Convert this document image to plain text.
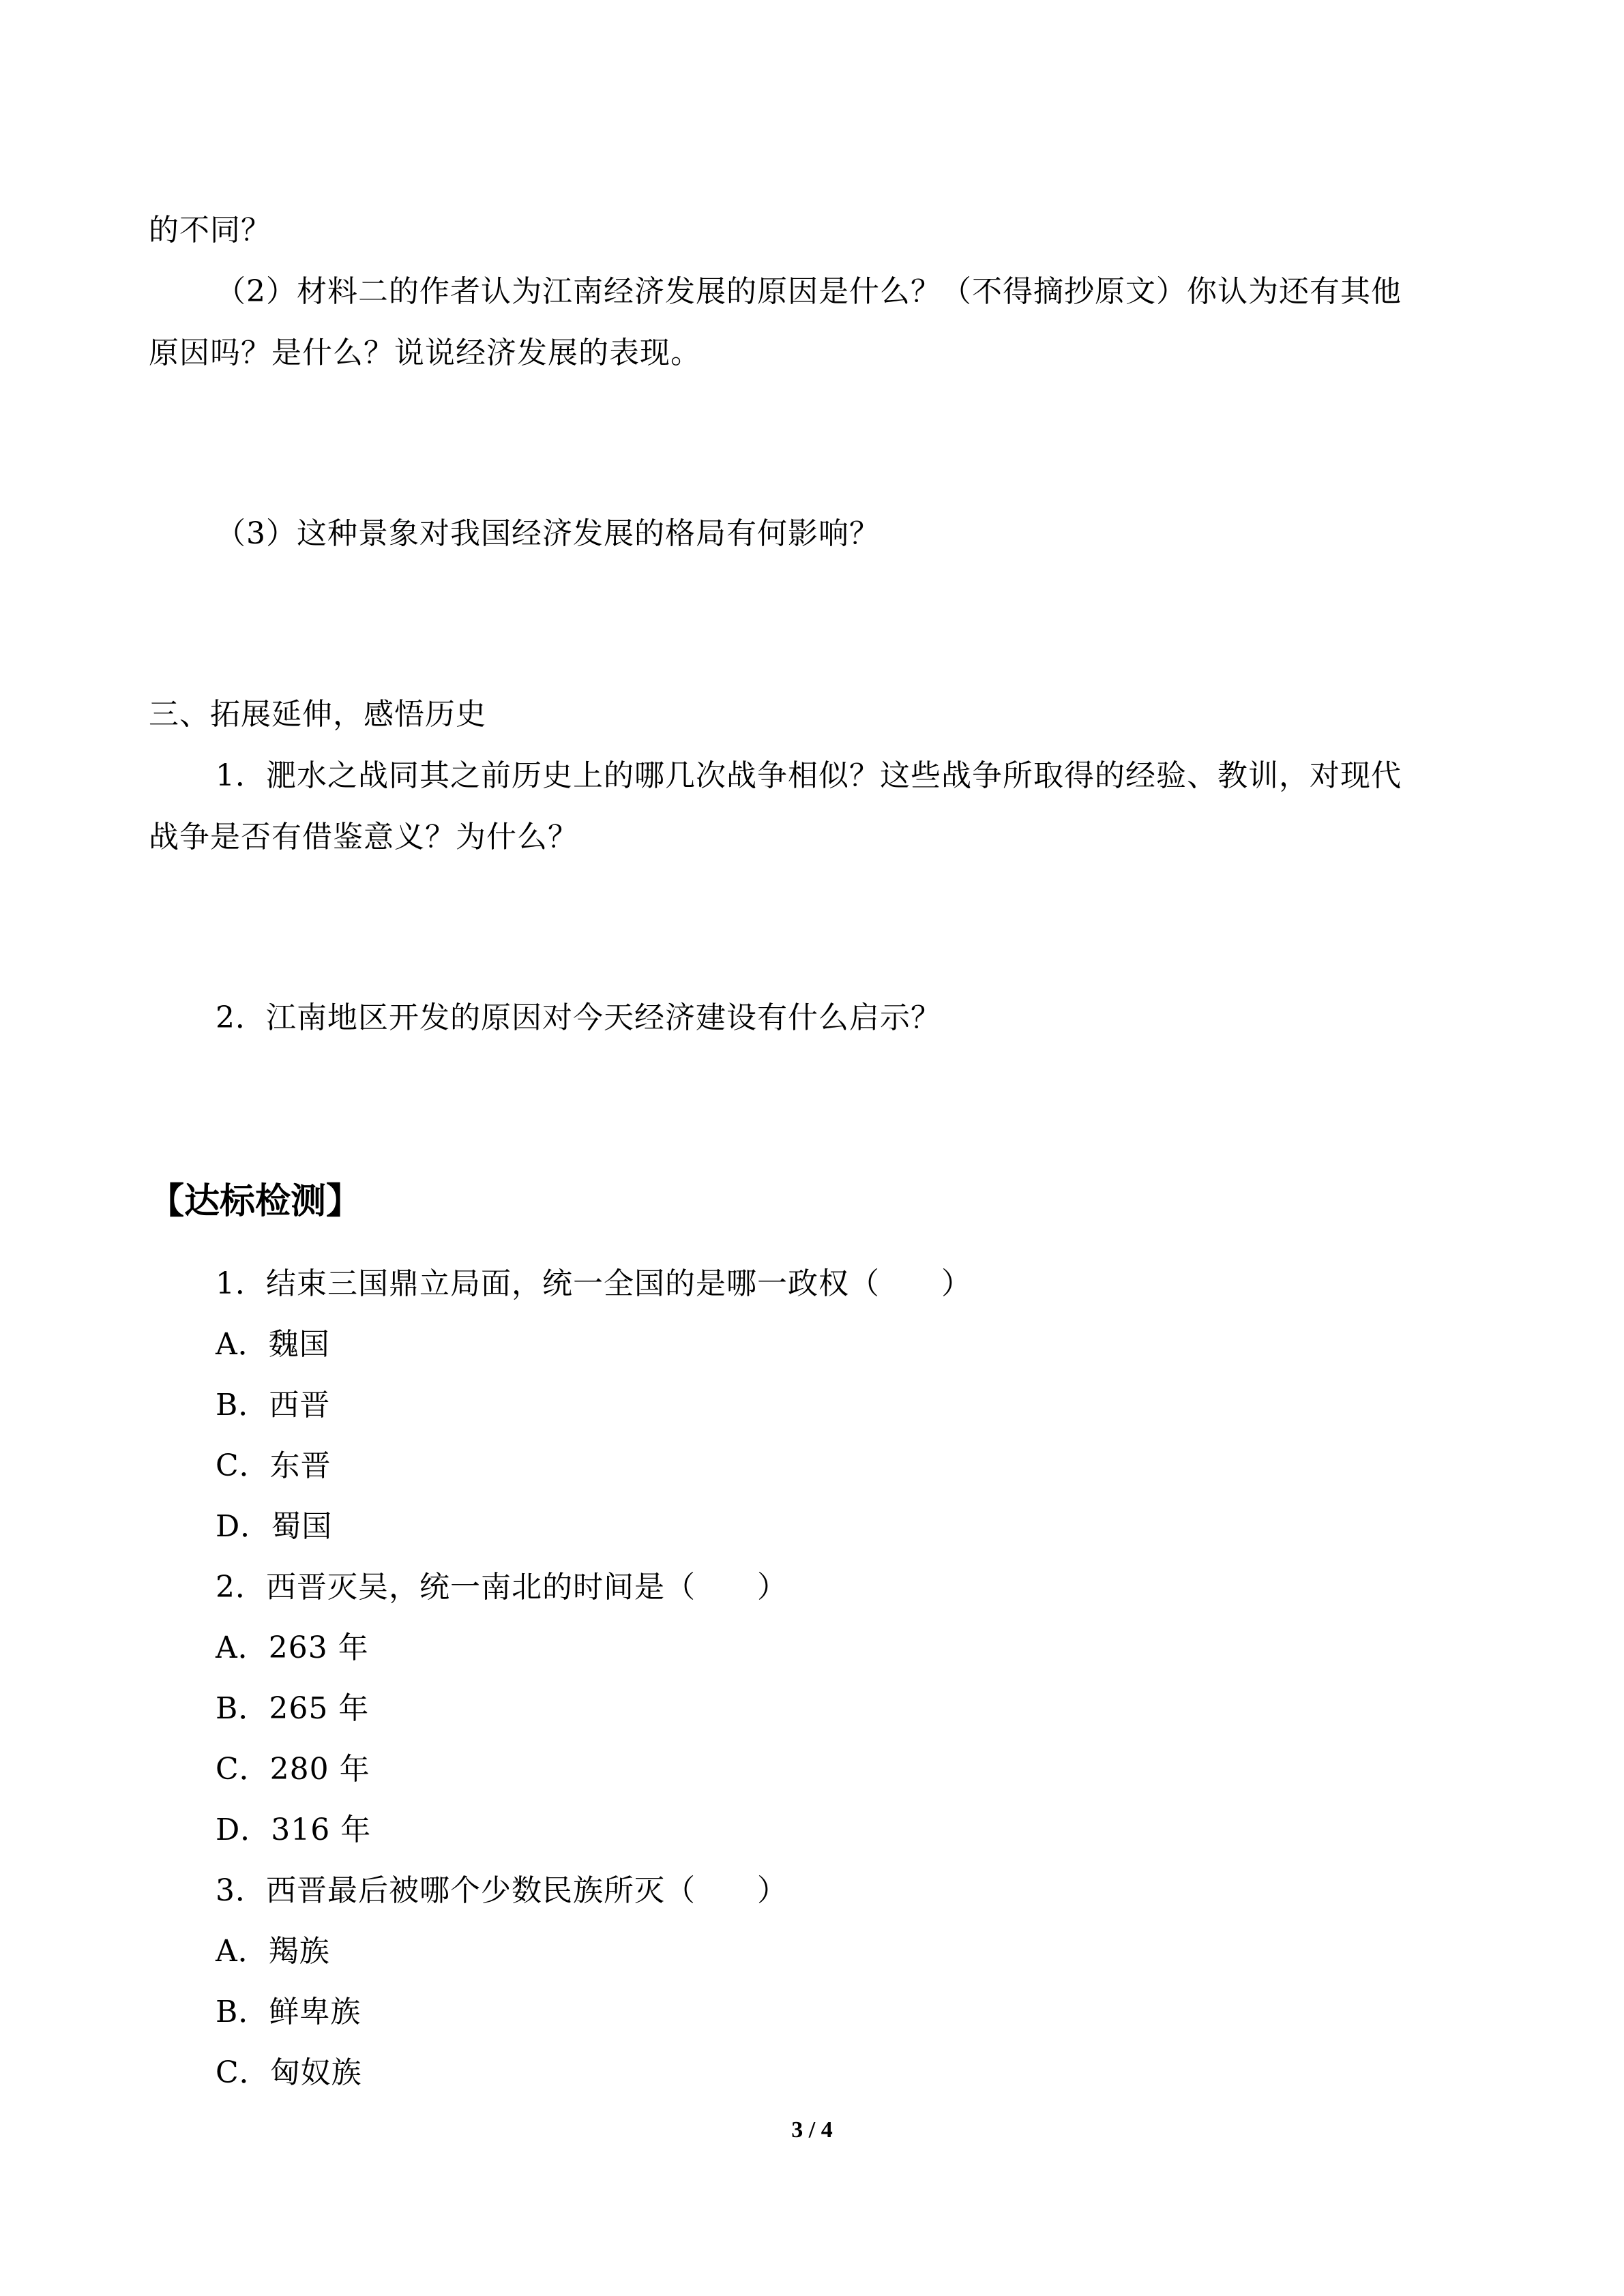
的不同？
（2）材料二的作者认为江南经济发展的原因是什么？（不得摘抄原文）你认为还有其他
原因吗？是什么？说说经济发展的表现。
（3）这种景象对我国经济发展的格局有何影响？
三、拓展延伸，感悟历史
1．淝水之战同其之前历史上的哪几次战争相似？这些战争所取得的经验、教训，对现代
战争是否有借鉴意义？为什么？
2．江南地区开发的原因对今天经济建设有什么启示？
【达标检测】
1．结束三国鼎立局面，统一全国的是哪一政权（　　）
A．魏国
B．西晋
C．东晋
D．蜀国
2．西晋灭吴，统一南北的时间是（　　）
A．263 年
B．265 年
C．280 年
D．316 年
3．西晋最后被哪个少数民族所灭（　　）
A．羯族
B．鲜卑族
C．匈奴族
3 / 4
